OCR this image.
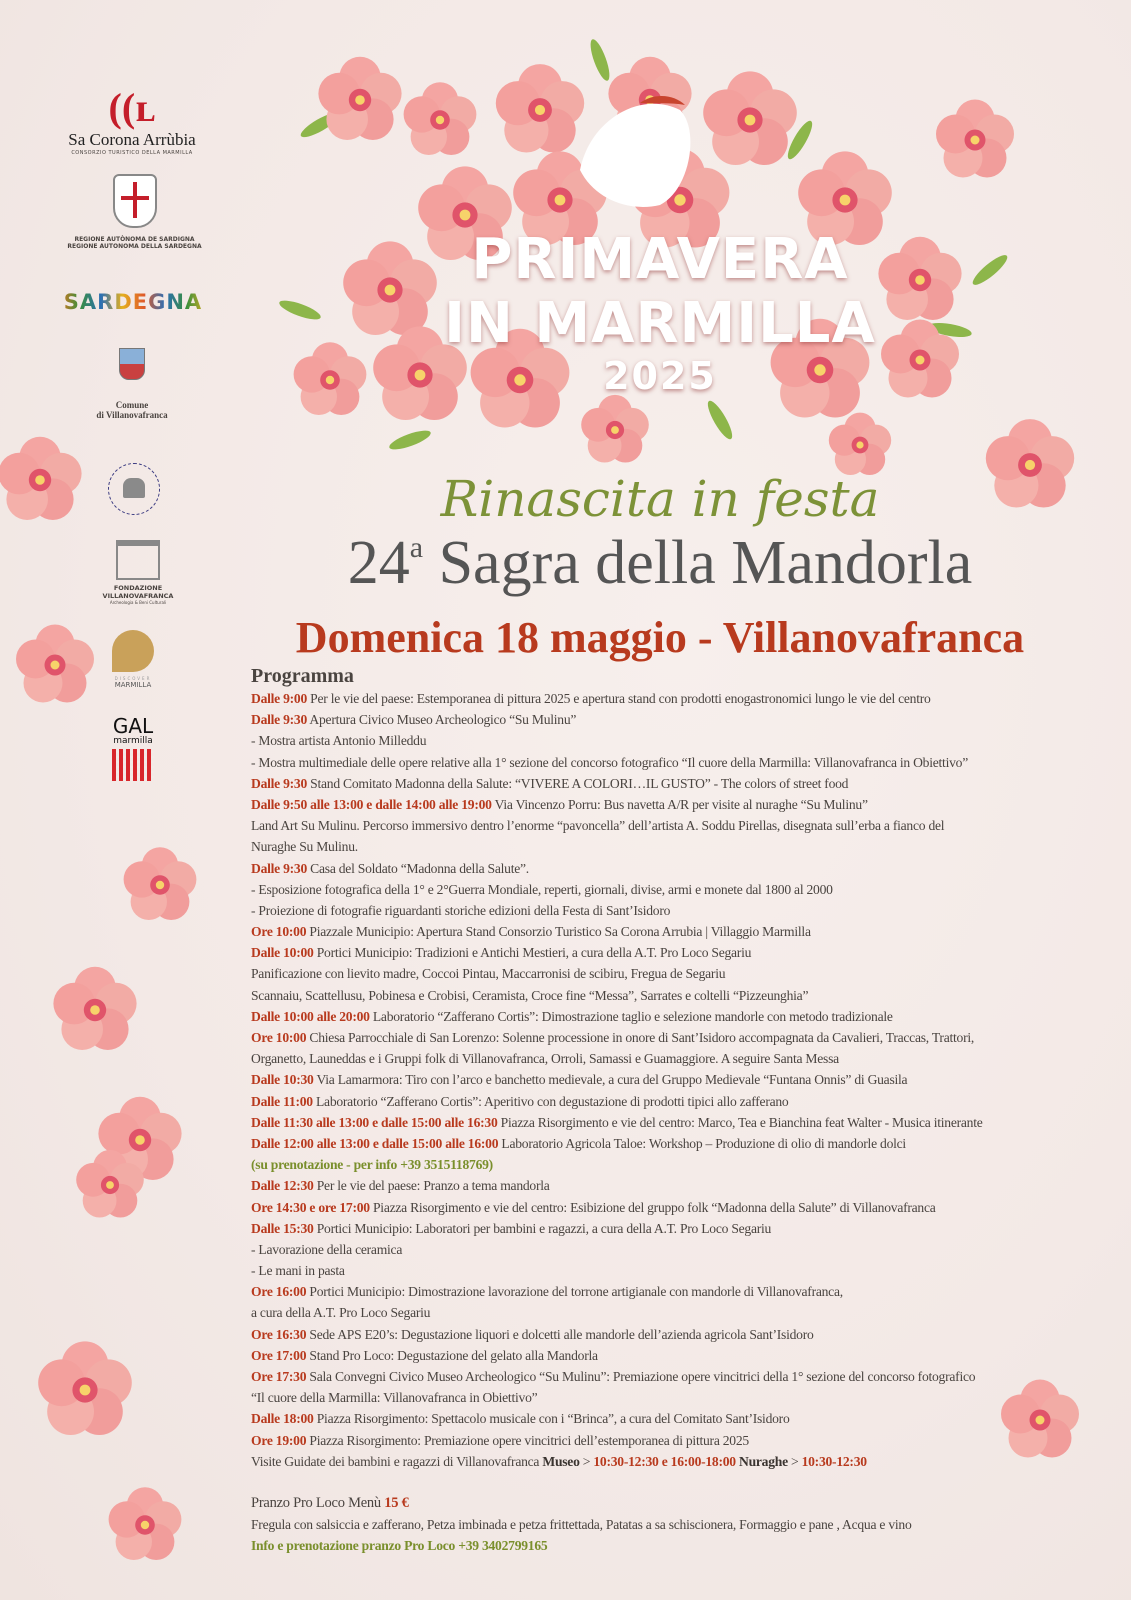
((ʟ
Sa Corona Arrùbia
CONSORZIO TURISTICO DELLA MARMILLA
REGIONE AUTÒNOMA DE SARDIGNA
REGIONE AUTONOMA DELLA SARDEGNA
SARDEGNA
Comune
di Villanovafranca
FONDAZIONE
VILLANOVAFRANCA
Archeologia & Beni Culturali
DISCOVER
MARMILLA
GAL
marmilla
PRIMAVERA
IN MARMILLA
2025
Rinascita in festa
24$^a$ Sagra della Mandorla
Domenica 18 maggio - Villanovafranca
Programma
Dalle 9:00 Per le vie del paese: Estemporanea di pittura 2025 e apertura stand con prodotti enogastronomici lungo le vie del centro
Dalle 9:30 Apertura Civico Museo Archeologico “Su Mulinu”
- Mostra artista Antonio Milleddu
- Mostra multimediale delle opere relative alla 1° sezione del concorso fotografico “Il cuore della Marmilla: Villanovafranca in Obiettivo”
Dalle 9:30 Stand Comitato Madonna della Salute: “VIVERE A COLORI…IL GUSTO” - The colors of street food
Dalle 9:50 alle 13:00 e dalle 14:00 alle 19:00 Via Vincenzo Porru: Bus navetta A/R per visite al nuraghe “Su Mulinu”
Land Art Su Mulinu. Percorso immersivo dentro l’enorme “pavoncella” dell’artista A. Soddu Pirellas, disegnata sull’erba a fianco del
Nuraghe Su Mulinu.
Dalle 9:30 Casa del Soldato “Madonna della Salute”.
- Esposizione fotografica della 1° e 2°Guerra Mondiale, reperti, giornali, divise, armi e monete dal 1800 al 2000
- Proiezione di fotografie riguardanti storiche edizioni della Festa di Sant’Isidoro
Ore 10:00 Piazzale Municipio: Apertura Stand Consorzio Turistico Sa Corona Arrubia | Villaggio Marmilla
Dalle 10:00 Portici Municipio: Tradizioni e Antichi Mestieri, a cura della A.T. Pro Loco Segariu
Panificazione con lievito madre, Coccoi Pintau, Maccarronisi de scibiru, Fregua de Segariu
Scannaiu, Scattellusu, Pobinesa e Crobisi, Ceramista, Croce fine “Messa”, Sarrates e coltelli “Pizzeunghia”
Dalle 10:00 alle 20:00 Laboratorio “Zafferano Cortis”: Dimostrazione taglio e selezione mandorle con metodo tradizionale
Ore 10:00 Chiesa Parrocchiale di San Lorenzo: Solenne processione in onore di Sant’Isidoro accompagnata da Cavalieri, Traccas, Trattori,
Organetto, Launeddas e i Gruppi folk di Villanovafranca, Orroli, Samassi e Guamaggiore. A seguire Santa Messa
Dalle 10:30 Via Lamarmora: Tiro con l’arco e banchetto medievale, a cura del Gruppo Medievale “Funtana Onnis” di Guasila
Dalle 11:00 Laboratorio “Zafferano Cortis”: Aperitivo con degustazione di prodotti tipici allo zafferano
Dalle 11:30 alle 13:00 e dalle 15:00 alle 16:30 Piazza Risorgimento e vie del centro: Marco, Tea e Bianchina feat Walter - Musica itinerante
Dalle 12:00 alle 13:00 e dalle 15:00 alle 16:00 Laboratorio Agricola Taloe: Workshop – Produzione di olio di mandorle dolci
(su prenotazione - per info +39 3515118769)
Dalle 12:30 Per le vie del paese: Pranzo a tema mandorla
Ore 14:30 e ore 17:00 Piazza Risorgimento e vie del centro: Esibizione del gruppo folk “Madonna della Salute” di Villanovafranca
Dalle 15:30 Portici Municipio: Laboratori per bambini e ragazzi, a cura della A.T. Pro Loco Segariu
- Lavorazione della ceramica
- Le mani in pasta
Ore 16:00 Portici Municipio: Dimostrazione lavorazione del torrone artigianale con mandorle di Villanovafranca,
a cura della A.T. Pro Loco Segariu
Ore 16:30 Sede APS E20’s: Degustazione liquori e dolcetti alle mandorle dell’azienda agricola Sant’Isidoro
Ore 17:00 Stand Pro Loco: Degustazione del gelato alla Mandorla
Ore 17:30 Sala Convegni Civico Museo Archeologico “Su Mulinu”: Premiazione opere vincitrici della 1° sezione del concorso fotografico
“Il cuore della Marmilla: Villanovafranca in Obiettivo”
Dalle 18:00 Piazza Risorgimento: Spettacolo musicale con i “Brinca”, a cura del Comitato Sant’Isidoro
Ore 19:00 Piazza Risorgimento: Premiazione opere vincitrici dell’estemporanea di pittura 2025
Visite Guidate dei bambini e ragazzi di Villanovafranca Museo > 10:30-12:30 e 16:00-18:00 Nuraghe > 10:30-12:30
Pranzo Pro Loco Menù 15 €
Fregula con salsiccia e zafferano, Petza imbinada e petza frittettada, Patatas a sa schiscionera, Formaggio e pane , Acqua e vino
Info e prenotazione pranzo Pro Loco +39 3402799165
